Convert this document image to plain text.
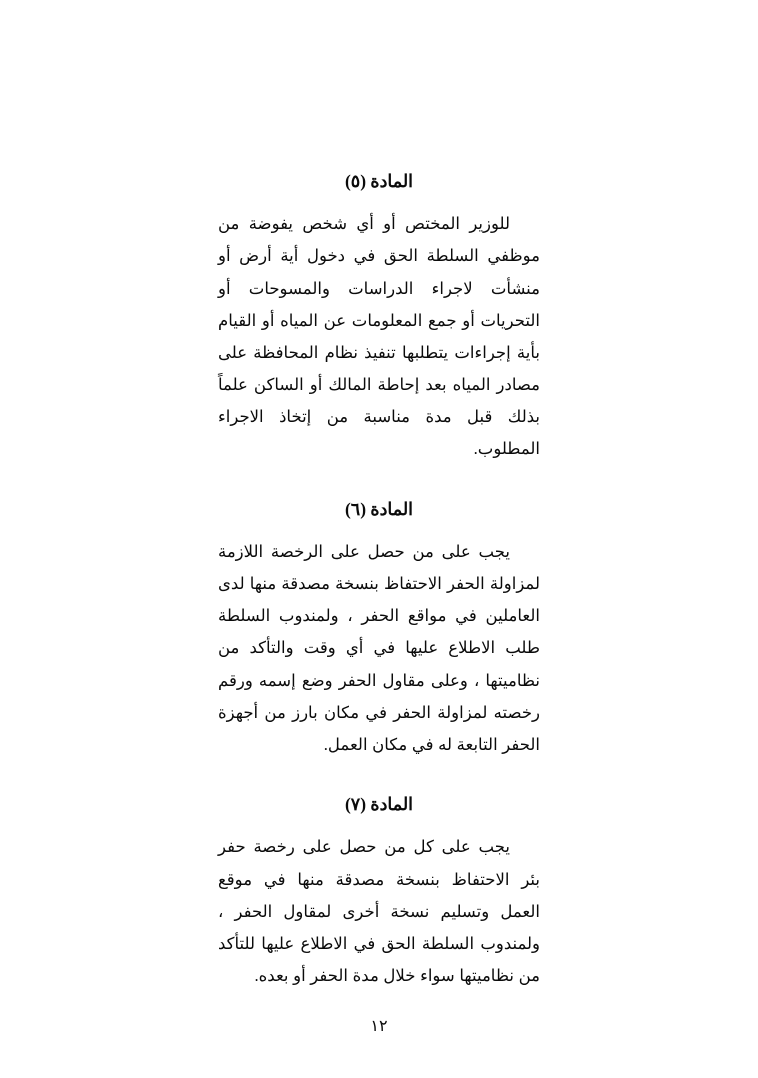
المادة (٥)

للوزير المختص أو أي شخص يفوضة من موظفي السلطة الحق في دخول أية أرض أو منشأت لاجراء الدراسات والمسوحات أو التحريات أو جمع المعلومات عن المياه أو القيام بأية إجراءات يتطلبها تنفيذ نظام المحافظة على مصادر المياه بعد إحاطة المالك أو الساكن علماً بذلك قبل مدة مناسبة من إتخاذ الاجراء المطلوب.

المادة (٦)

يجب على من حصل على الرخصة اللازمة لمزاولة الحفر الاحتفاظ بنسخة مصدقة منها لدى العاملين في مواقع الحفر ، ولمندوب السلطة طلب الاطلاع عليها في أي وقت والتأكد من نظاميتها ، وعلى مقاول الحفر وضع إسمه ورقم رخصته لمزاولة الحفر في مكان بارز من أجهزة الحفر التابعة له في مكان العمل.

المادة (٧)

يجب على كل من حصل على رخصة حفر بئر الاحتفاظ بنسخة مصدقة منها في موقع العمل وتسليم نسخة أخرى لمقاول الحفر ، ولمندوب السلطة الحق في الاطلاع عليها للتأكد من نظاميتها سواء خلال مدة الحفر أو بعده.

١٢
